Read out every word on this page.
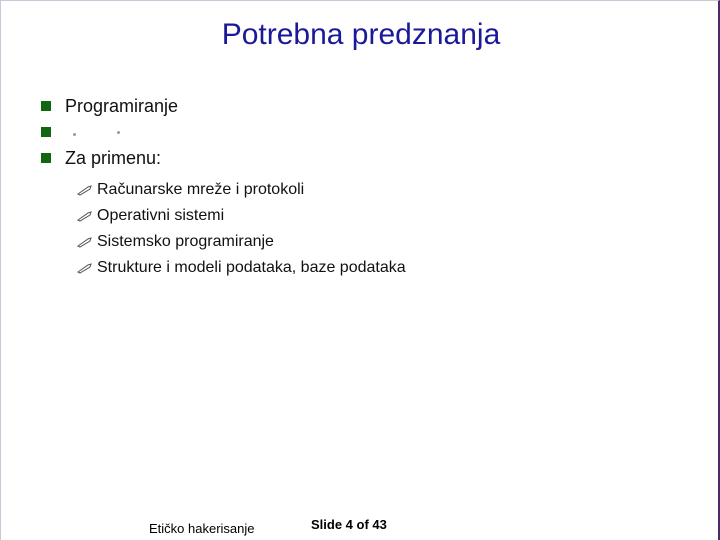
Potrebna predznanja
Programiranje
Za primenu:
Računarske mreže i protokoli
Operativni sistemi
Sistemsko programiranje
Strukture i modeli podataka, baze podataka
Etičko hakerisanje	Slide 4 of 43
